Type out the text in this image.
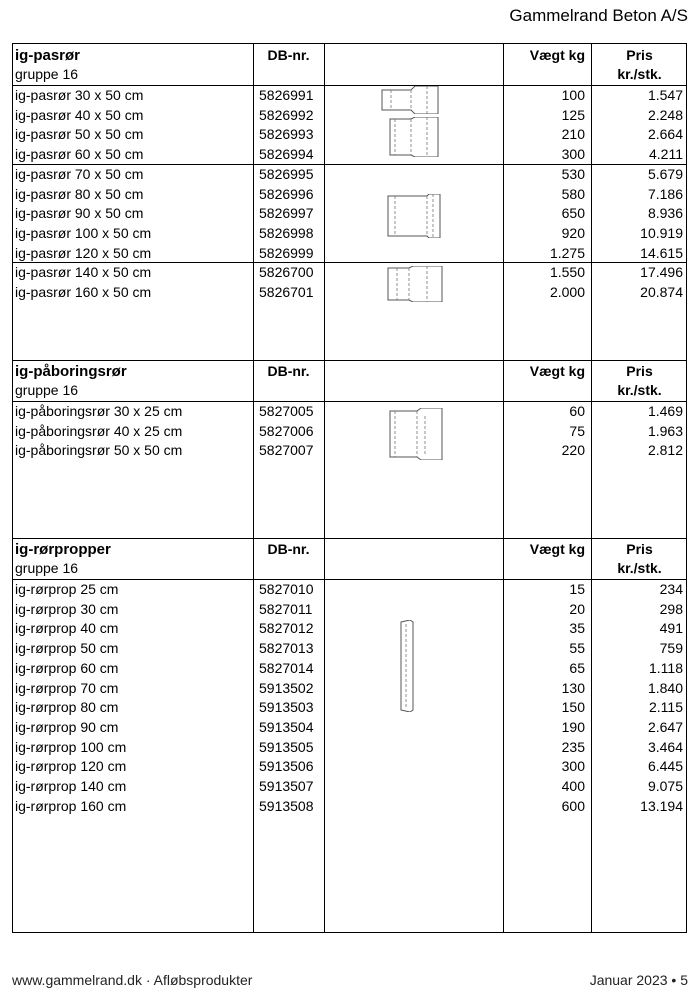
Gammelrand Beton A/S
ig-pasrør
gruppe 16
DB-nr.	Vægt kg	Pris
kr./stk.
ig-pasrør 30 x 50 cm	5826991	100	1.547
ig-pasrør 40 x 50 cm	5826992	125	2.248
ig-pasrør 50 x 50 cm	5826993	210	2.664
ig-pasrør 60 x 50 cm	5826994	300	4.211
ig-pasrør 70 x 50 cm	5826995	530	5.679
ig-pasrør 80 x 50 cm	5826996	580	7.186
ig-pasrør 90 x 50 cm	5826997	650	8.936
ig-pasrør 100 x 50 cm	5826998	920	10.919
ig-pasrør 120 x 50 cm	5826999	1.275	14.615
ig-pasrør 140 x 50 cm	5826700	1.550	17.496
ig-pasrør 160 x 50 cm	5826701	2.000	20.874
ig-påboringsrør
gruppe 16
DB-nr.	Vægt kg	Pris
kr./stk.
ig-påboringsrør 30 x 25 cm	5827005	60	1.469
ig-påboringsrør 40 x 25 cm	5827006	75	1.963
ig-påboringsrør 50 x 50 cm	5827007	220	2.812
ig-rørpropper
gruppe 16
DB-nr.	Vægt kg	Pris
kr./stk.
ig-rørprop 25 cm	5827010	15	234
ig-rørprop 30 cm	5827011	20	298
ig-rørprop 40 cm	5827012	35	491
ig-rørprop 50 cm	5827013	55	759
ig-rørprop 60 cm	5827014	65	1.118
ig-rørprop 70 cm	5913502	130	1.840
ig-rørprop 80 cm	5913503	150	2.115
ig-rørprop 90 cm	5913504	190	2.647
ig-rørprop 100 cm	5913505	235	3.464
ig-rørprop 120 cm	5913506	300	6.445
ig-rørprop 140 cm	5913507	400	9.075
ig-rørprop 160 cm	5913508	600	13.194
www.gammelrand.dk · Afløbsprodukter	Januar 2023 • 5
